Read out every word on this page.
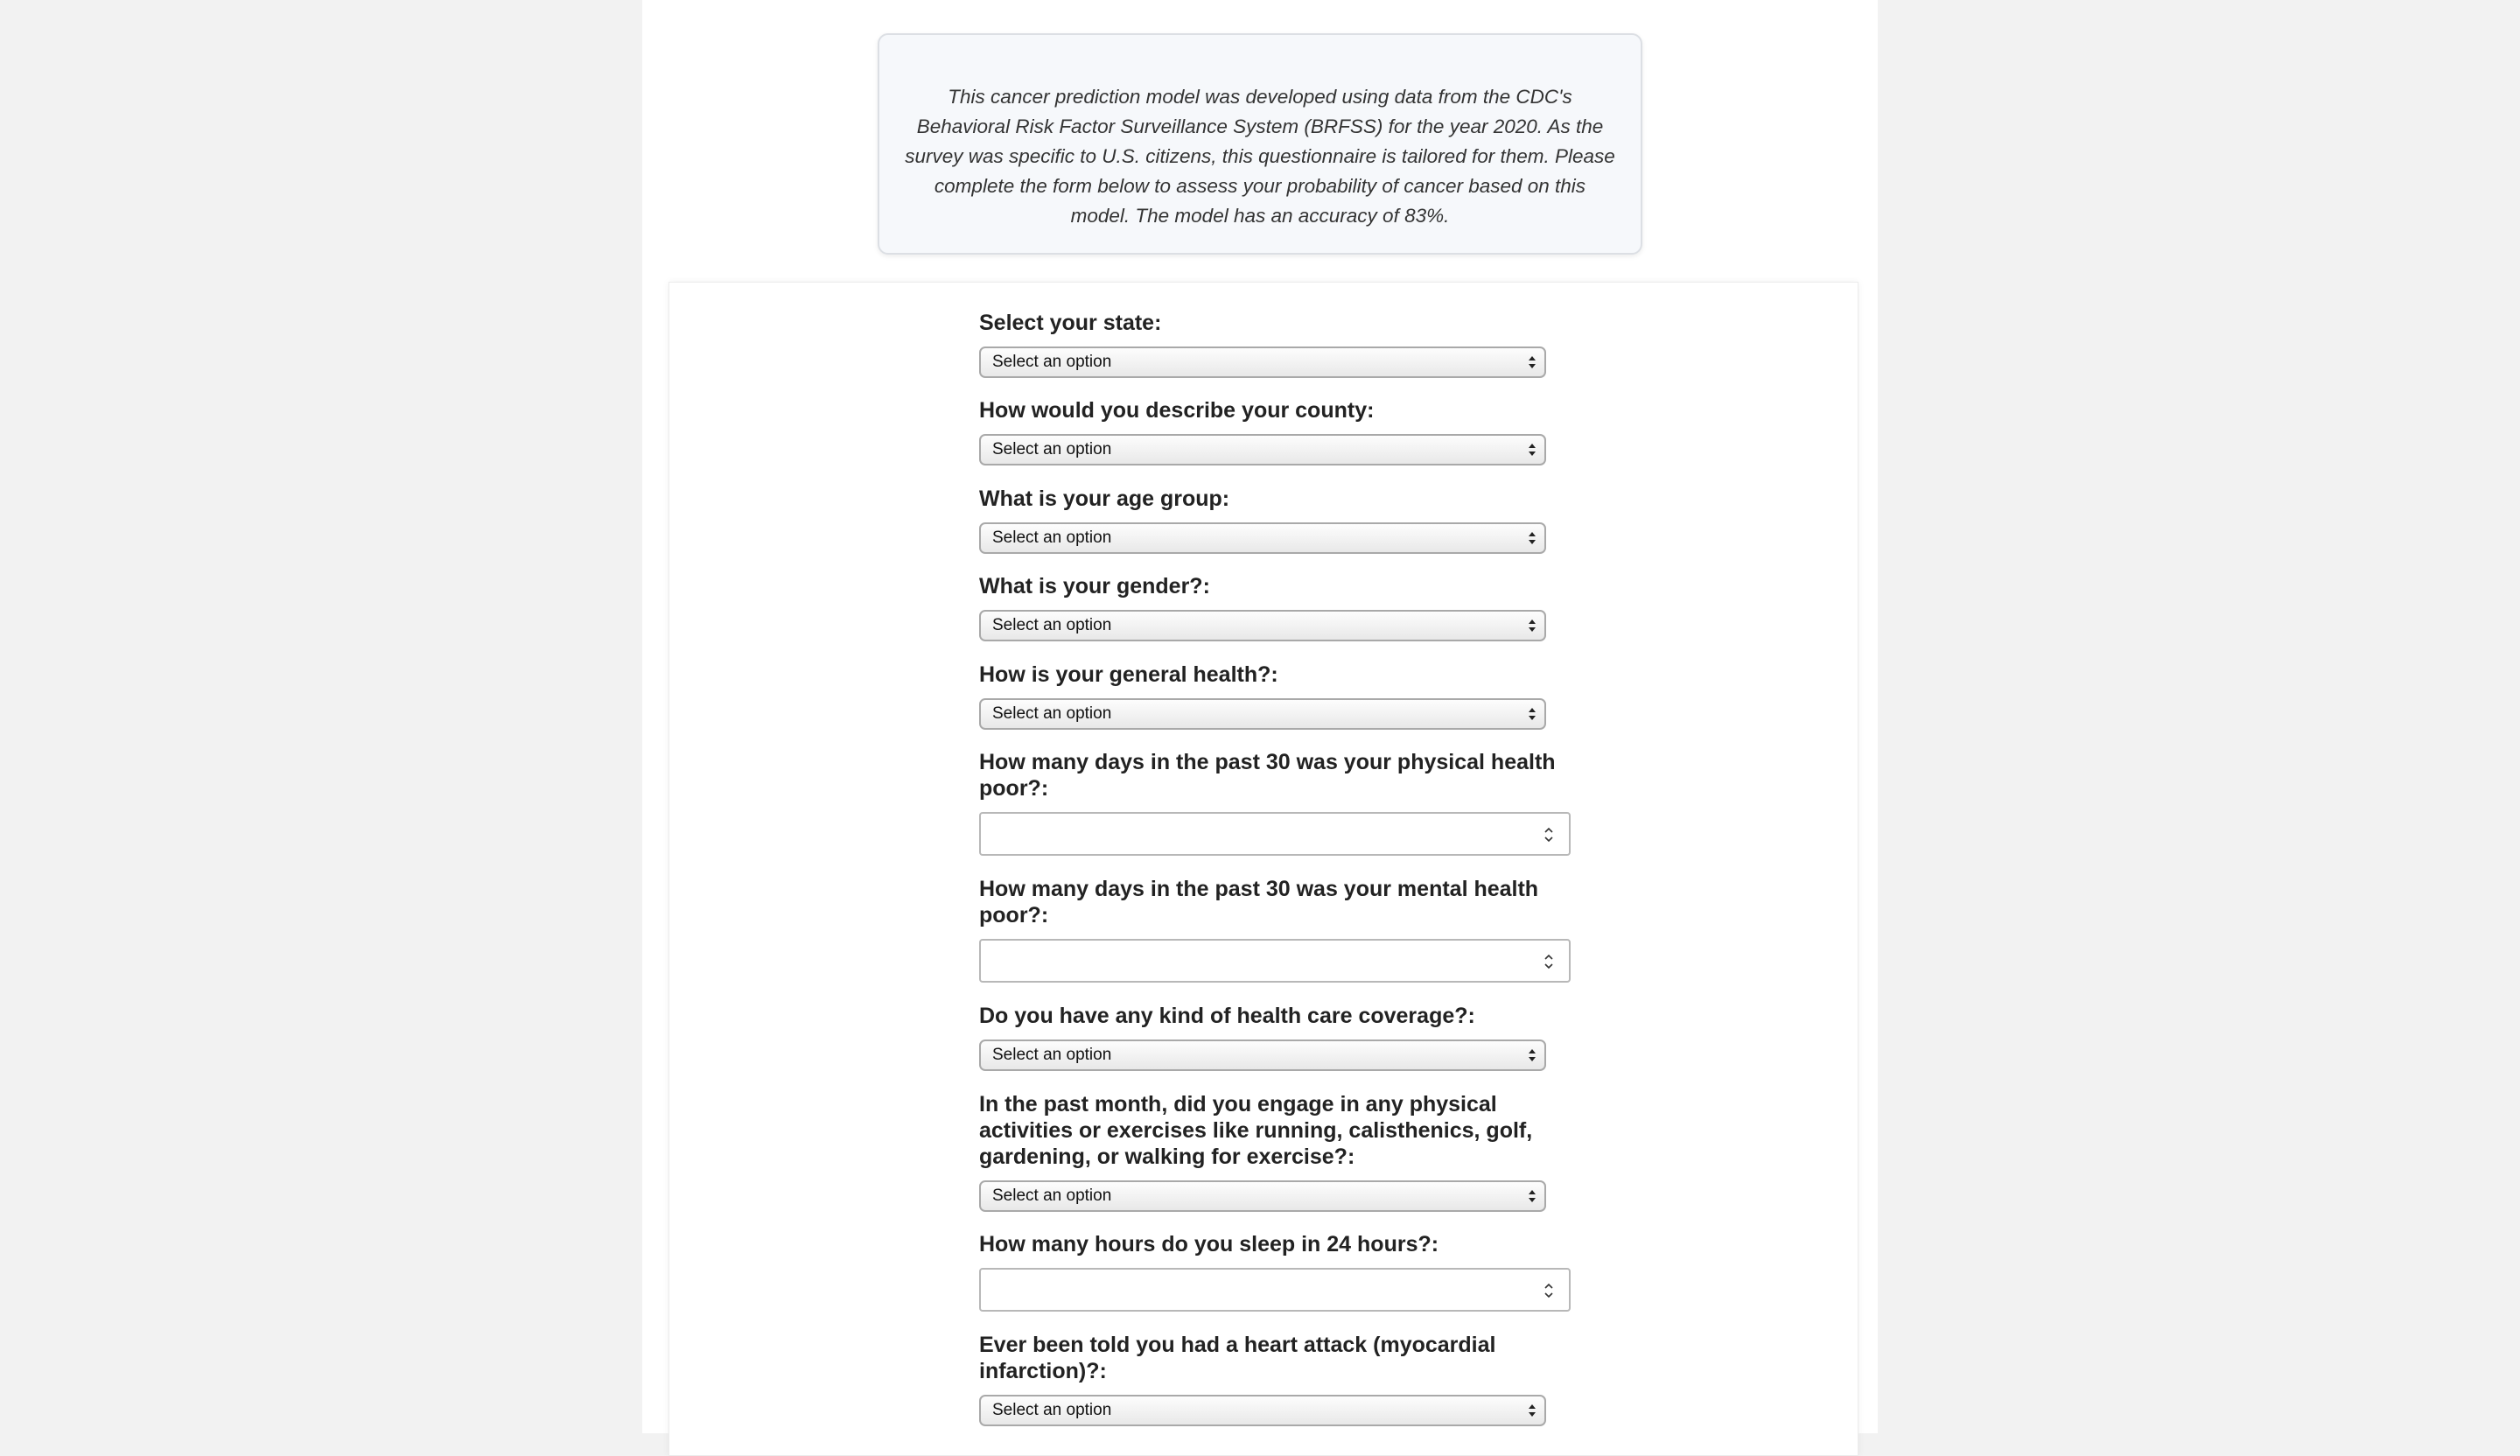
This cancer prediction model was developed using data from the CDC's Behavioral Risk Factor Surveillance System (BRFSS) for the year 2020. As the survey was specific to U.S. citizens, this questionnaire is tailored for them. Please complete the form below to assess your probability of cancer based on this model. The model has an accuracy of 83%.
Select your state:
Select an option
How would you describe your county:
Select an option
What is your age group:
Select an option
What is your gender?:
Select an option
How is your general health?:
Select an option
How many days in the past 30 was your physical health poor?:
How many days in the past 30 was your mental health poor?:
Do you have any kind of health care coverage?:
Select an option
In the past month, did you engage in any physical activities or exercises like running, calisthenics, golf, gardening, or walking for exercise?:
Select an option
How many hours do you sleep in 24 hours?:
Ever been told you had a heart attack (myocardial infarction)?:
Select an option
